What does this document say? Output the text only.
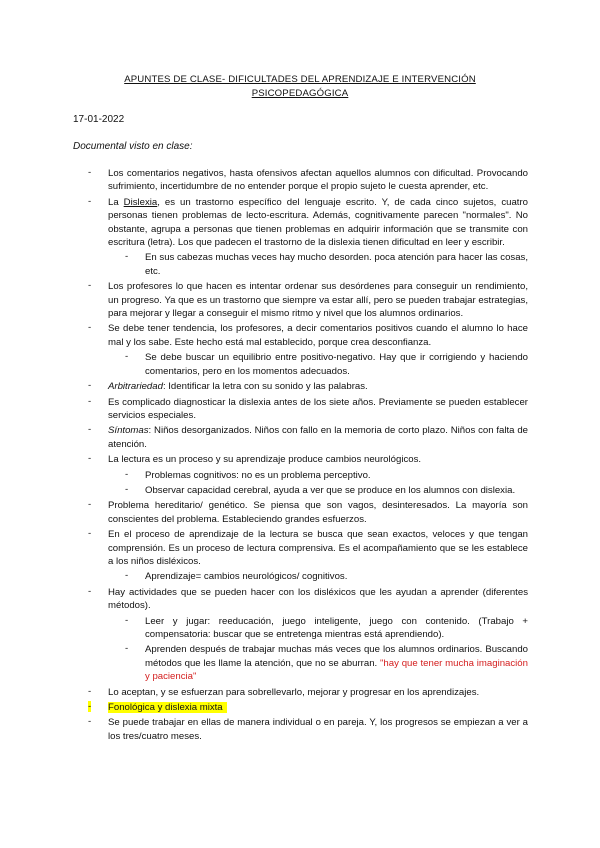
APUNTES DE CLASE- DIFICULTADES DEL APRENDIZAJE E INTERVENCIÓN
PSICOPEDAGÓGICA
17-01-2022
Documental visto en clase:
- Los comentarios negativos, hasta ofensivos afectan aquellos alumnos con dificultad. Provocando sufrimiento, incertidumbre de no entender porque el propio sujeto le cuesta aprender, etc.
- La Dislexia, es un trastorno específico del lenguaje escrito. Y, de cada cinco sujetos, cuatro personas tienen problemas de lecto-escritura. Además, cognitivamente parecen "normales". No obstante, agrupa a personas que tienen problemas en adquirir información que se transmite con escritura (letra). Los que padecen el trastorno de la dislexia tienen dificultad en leer y escribir.
- En sus cabezas muchas veces hay mucho desorden. poca atención para hacer las cosas, etc.
- Los profesores lo que hacen es intentar ordenar sus desórdenes para conseguir un rendimiento, un progreso. Ya que es un trastorno que siempre va estar allí, pero se pueden trabajar estrategias, para mejorar y llegar a conseguir el mismo ritmo y nivel que los alumnos ordinarios.
- Se debe tener tendencia, los profesores, a decir comentarios positivos cuando el alumno lo hace mal y los sabe. Este hecho está mal establecido, porque crea desconfianza.
- Se debe buscar un equilibrio entre positivo-negativo. Hay que ir corrigiendo y haciendo comentarios, pero en los momentos adecuados.
- Arbitrariedad: Identificar la letra con su sonido y las palabras.
- Es complicado diagnosticar la dislexia antes de los siete años. Previamente se pueden establecer servicios especiales.
- Síntomas: Niños desorganizados. Niños con fallo en la memoria de corto plazo. Niños con falta de atención.
- La lectura es un proceso y su aprendizaje produce cambios neurológicos.
- Problemas cognitivos: no es un problema perceptivo.
- Observar capacidad cerebral, ayuda a ver que se produce en los alumnos con dislexia.
- Problema hereditario/ genético. Se piensa que son vagos, desinteresados. La mayoría son conscientes del problema. Estableciendo grandes esfuerzos.
- En el proceso de aprendizaje de la lectura se busca que sean exactos, veloces y que tengan comprensión. Es un proceso de lectura comprensiva. Es el acompañamiento que se les establece a los niños disléxicos.
- Aprendizaje= cambios neurológicos/ cognitivos.
- Hay actividades que se pueden hacer con los disléxicos que les ayudan a aprender (diferentes métodos).
- Leer y jugar: reeducación, juego inteligente, juego con contenido. (Trabajo + compensatoria: buscar que se entretenga mientras está aprendiendo).
- Aprenden después de trabajar muchas más veces que los alumnos ordinarios. Buscando métodos que les llame la atención, que no se aburran. "hay que tener mucha imaginación y paciencia"
- Lo aceptan, y se esfuerzan para sobrellevarlo, mejorar y progresar en los aprendizajes.
- Fonológica y dislexia mixta
- Se puede trabajar en ellas de manera individual o en pareja. Y, los progresos se empiezan a ver a los tres/cuatro meses.
